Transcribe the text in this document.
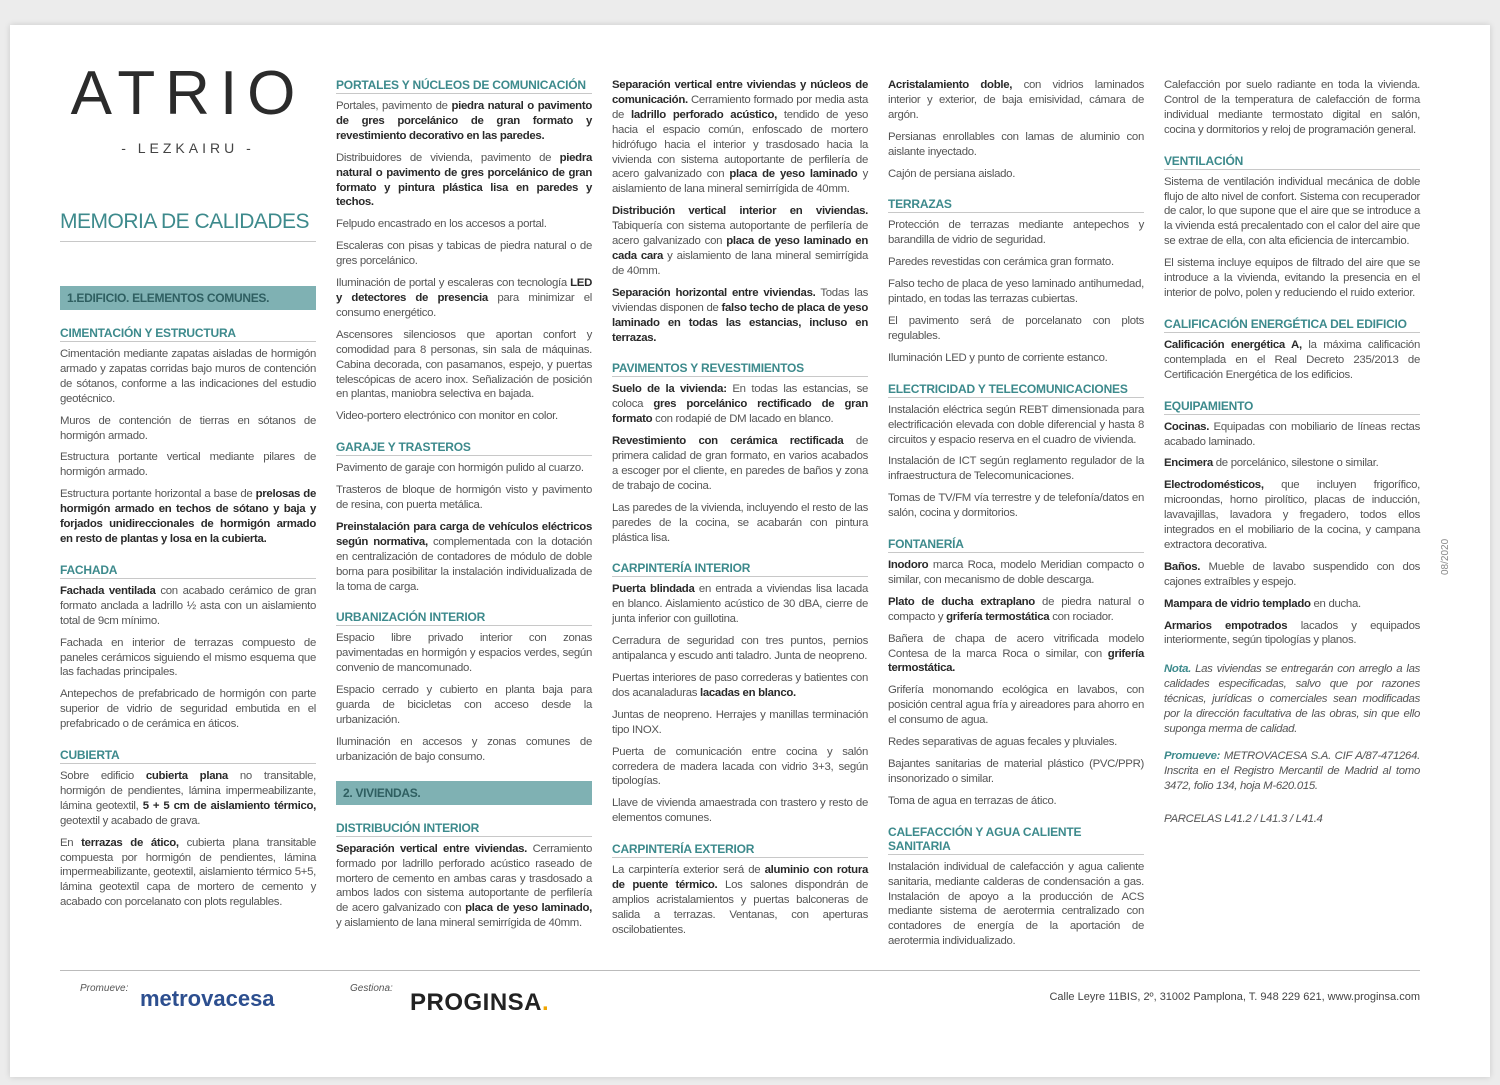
ATRIO
- LEZKAIRU -
MEMORIA DE CALIDADES
1.EDIFICIO. ELEMENTOS COMUNES.
CIMENTACIÓN Y ESTRUCTURA

Cimentación mediante zapatas aisladas de hormigón armado y zapatas corridas bajo muros de contención de sótanos, conforme a las indicaciones del estudio geotécnico.

Muros de contención de tierras en sótanos de hormigón armado.

Estructura portante vertical mediante pilares de hormigón armado.

Estructura portante horizontal a base de prelosas de hormigón armado en techos de sótano y baja y forjados unidireccionales de hormigón armado en resto de plantas y losa en la cubierta.

FACHADA

Fachada ventilada con acabado cerámico de gran formato anclada a ladrillo ½ asta con un aislamiento total de 9cm mínimo.

Fachada en interior de terrazas compuesto de paneles cerámicos siguiendo el mismo esquema que las fachadas principales.

Antepechos de prefabricado de hormigón con parte superior de vidrio de seguridad embutida en el prefabricado o de cerámica en áticos.

CUBIERTA

Sobre edificio cubierta plana no transitable, hormigón de pendientes, lámina impermeabilizante, lámina geotextil, 5 + 5 cm de aislamiento térmico, geotextil y acabado de grava.

En terrazas de ático, cubierta plana transitable compuesta por hormigón de pendientes, lámina impermeabilizante, geotextil, aislamiento térmico 5+5, lámina geotextil capa de mortero de cemento y acabado con porcelanato con plots regulables.

PORTALES Y NÚCLEOS DE COMUNICACIÓN

Portales, pavimento de piedra natural o pavimento de gres porcelánico de gran formato y revestimiento decorativo en las paredes.

Distribuidores de vivienda, pavimento de piedra natural o pavimento de gres porcelánico de gran formato y pintura plástica lisa en paredes y techos.

Felpudo encastrado en los accesos a portal.

Escaleras con pisas y tabicas de piedra natural o de gres porcelánico.

Iluminación de portal y escaleras con tecnología LED y detectores de presencia para minimizar el consumo energético.

Ascensores silenciosos que aportan confort y comodidad para 8 personas, sin sala de máquinas. Cabina decorada, con pasamanos, espejo, y puertas telescópicas de acero inox. Señalización de posición en plantas, maniobra selectiva en bajada.

Video-portero electrónico con monitor en color.

GARAJE Y TRASTEROS

Pavimento de garaje con hormigón pulido al cuarzo.

Trasteros de bloque de hormigón visto y pavimento de resina, con puerta metálica.

Preinstalación para carga de vehículos eléctricos según normativa, complementada con la dotación en centralización de contadores de módulo de doble borna para posibilitar la instalación individualizada de la toma de carga.

URBANIZACIÓN INTERIOR

Espacio libre privado interior con zonas pavimentadas en hormigón y espacios verdes, según convenio de mancomunado.

Espacio cerrado y cubierto en planta baja para guarda de bicicletas con acceso desde la urbanización.

Iluminación en accesos y zonas comunes de urbanización de bajo consumo.

2. VIVIENDAS.
DISTRIBUCIÓN INTERIOR

Separación vertical entre viviendas. Cerramiento formado por ladrillo perforado acústico raseado de mortero de cemento en ambas caras y trasdosado a ambos lados con sistema autoportante de perfilería de acero galvanizado con placa de yeso laminado, y aislamiento de lana mineral semirrígida de 40mm.

Separación vertical entre viviendas y núcleos de comunicación. Cerramiento formado por media asta de ladrillo perforado acústico, tendido de yeso hacia el espacio común, enfoscado de mortero hidrófugo hacia el interior y trasdosado hacia la vivienda con sistema autoportante de perfilería de acero galvanizado con placa de yeso laminado y aislamiento de lana mineral semirrígida de 40mm.

Distribución vertical interior en viviendas. Tabiquería con sistema autoportante de perfilería de acero galvanizado con placa de yeso laminado en cada cara y aislamiento de lana mineral semirrígida de 40mm.

Separación horizontal entre viviendas. Todas las viviendas disponen de falso techo de placa de yeso laminado en todas las estancias, incluso en terrazas.

PAVIMENTOS Y REVESTIMIENTOS

Suelo de la vivienda: En todas las estancias, se coloca gres porcelánico rectificado de gran formato con rodapié de DM lacado en blanco.

Revestimiento con cerámica rectificada de primera calidad de gran formato, en varios acabados a escoger por el cliente, en paredes de baños y zona de trabajo de cocina.

Las paredes de la vivienda, incluyendo el resto de las paredes de la cocina, se acabarán con pintura plástica lisa.

CARPINTERÍA INTERIOR

Puerta blindada en entrada a viviendas lisa lacada en blanco. Aislamiento acústico de 30 dBA, cierre de junta inferior con guillotina.

Cerradura de seguridad con tres puntos, pernios antipalanca y escudo anti taladro. Junta de neopreno.

Puertas interiores de paso correderas y batientes con dos acanaladuras lacadas en blanco.

Juntas de neopreno. Herrajes y manillas terminación tipo INOX.

Puerta de comunicación entre cocina y salón corredera de madera lacada con vidrio 3+3, según tipologías.

Llave de vivienda amaestrada con trastero y resto de elementos comunes.

CARPINTERÍA EXTERIOR

La carpintería exterior será de aluminio con rotura de puente térmico. Los salones dispondrán de amplios acristalamientos y puertas balconeras de salida a terrazas. Ventanas, con aperturas oscilobatientes.

Acristalamiento doble, con vidrios laminados interior y exterior, de baja emisividad, cámara de argón.

Persianas enrollables con lamas de aluminio con aislante inyectado.

Cajón de persiana aislado.

TERRAZAS

Protección de terrazas mediante antepechos y barandilla de vidrio de seguridad.

Paredes revestidas con cerámica gran formato.

Falso techo de placa de yeso laminado antihumedad, pintado, en todas las terrazas cubiertas.

El pavimento será de porcelanato con plots regulables.

Iluminación LED y punto de corriente estanco.

ELECTRICIDAD Y TELECOMUNICACIONES

Instalación eléctrica según REBT dimensionada para electrificación elevada con doble diferencial y hasta 8 circuitos y espacio reserva en el cuadro de vivienda.

Instalación de ICT según reglamento regulador de la infraestructura de Telecomunicaciones.

Tomas de TV/FM vía terrestre y de telefonía/datos en salón, cocina y dormitorios.

FONTANERÍA

Inodoro marca Roca, modelo Meridian compacto o similar, con mecanismo de doble descarga.

Plato de ducha extraplano de piedra natural o compacto y grifería termostática con rociador.

Bañera de chapa de acero vitrificada modelo Contesa de la marca Roca o similar, con grifería termostática.

Grifería monomando ecológica en lavabos, con posición central agua fría y aireadores para ahorro en el consumo de agua.

Redes separativas de aguas fecales y pluviales.

Bajantes sanitarias de material plástico (PVC/PPR) insonorizado o similar.

Toma de agua en terrazas de ático.

CALEFACCIÓN Y AGUA CALIENTE SANITARIA

Instalación individual de calefacción y agua caliente sanitaria, mediante calderas de condensación a gas. Instalación de apoyo a la producción de ACS mediante sistema de aerotermia centralizado con contadores de energía de la aportación de aerotermia individualizado.

Calefacción por suelo radiante en toda la vivienda. Control de la temperatura de calefacción de forma individual mediante termostato digital en salón, cocina y dormitorios y reloj de programación general.

VENTILACIÓN

Sistema de ventilación individual mecánica de doble flujo de alto nivel de confort. Sistema con recuperador de calor, lo que supone que el aire que se introduce a la vivienda está precalentado con el calor del aire que se extrae de ella, con alta eficiencia de intercambio.

El sistema incluye equipos de filtrado del aire que se introduce a la vivienda, evitando la presencia en el interior de polvo, polen y reduciendo el ruido exterior.

CALIFICACIÓN ENERGÉTICA DEL EDIFICIO

Calificación energética A, la máxima calificación contemplada en el Real Decreto 235/2013 de Certificación Energética de los edificios.

EQUIPAMIENTO

Cocinas. Equipadas con mobiliario de líneas rectas acabado laminado.

Encimera de porcelánico, silestone o similar.

Electrodomésticos, que incluyen frigorífico, microondas, horno pirolítico, placas de inducción, lavavajillas, lavadora y fregadero, todos ellos integrados en el mobiliario de la cocina, y campana extractora decorativa.

Baños. Mueble de lavabo suspendido con dos cajones extraíbles y espejo.

Mampara de vidrio templado en ducha.

Armarios empotrados lacados y equipados interiormente, según tipologías y planos.

Nota. Las viviendas se entregarán con arreglo a las calidades especificadas, salvo que por razones técnicas, jurídicas o comerciales sean modificadas por la dirección facultativa de las obras, sin que ello suponga merma de calidad.

Promueve: METROVACESA S.A. CIF A/87-471264. Inscrita en el Registro Mercantil de Madrid al tomo 3472, folio 134, hoja M-620.015.

PARCELAS L41.2 / L41.3 / L41.4

08/2020
Promueve: metrovacesa	Gestiona:
PROGINSA.	Calle Leyre 11BIS, 2º, 31002 Pamplona, T. 948 229 621, www.proginsa.com
